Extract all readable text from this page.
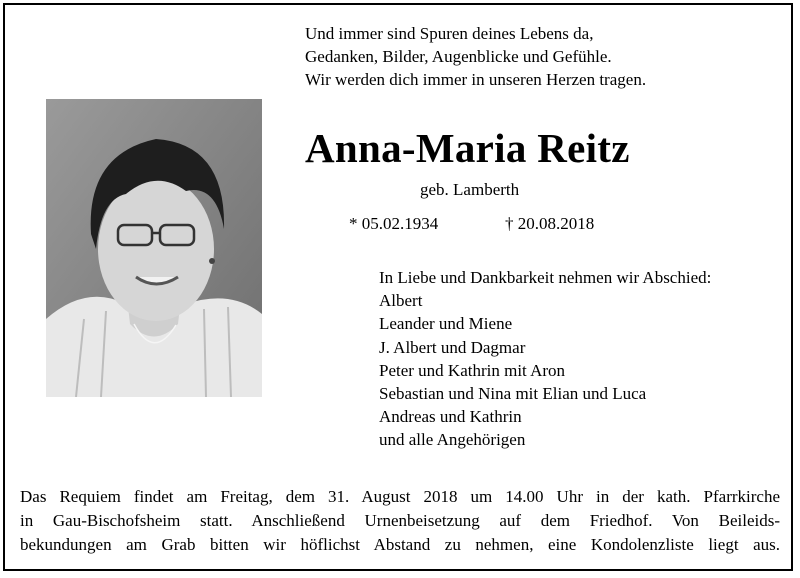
Und immer sind Spuren deines Lebens da,
Gedanken, Bilder, Augenblicke und Gefühle.
Wir werden dich immer in unseren Herzen tragen.
Anna-Maria Reitz
geb. Lamberth
* 05.02.1934	† 20.08.2018
In Liebe und Dankbarkeit nehmen wir Abschied:
Albert
Leander und Miene
J. Albert und Dagmar
Peter und Kathrin mit Aron
Sebastian und Nina mit Elian und Luca
Andreas und Kathrin
und alle Angehörigen
Das Requiem findet am Freitag, dem 31. August 2018 um 14.00 Uhr in der kath. Pfarrkirche
in Gau-Bischofsheim statt. Anschließend Urnenbeisetzung auf dem Friedhof. Von Beileids-
bekundungen am Grab bitten wir höflichst Abstand zu nehmen, eine Kondolenzliste liegt aus.
